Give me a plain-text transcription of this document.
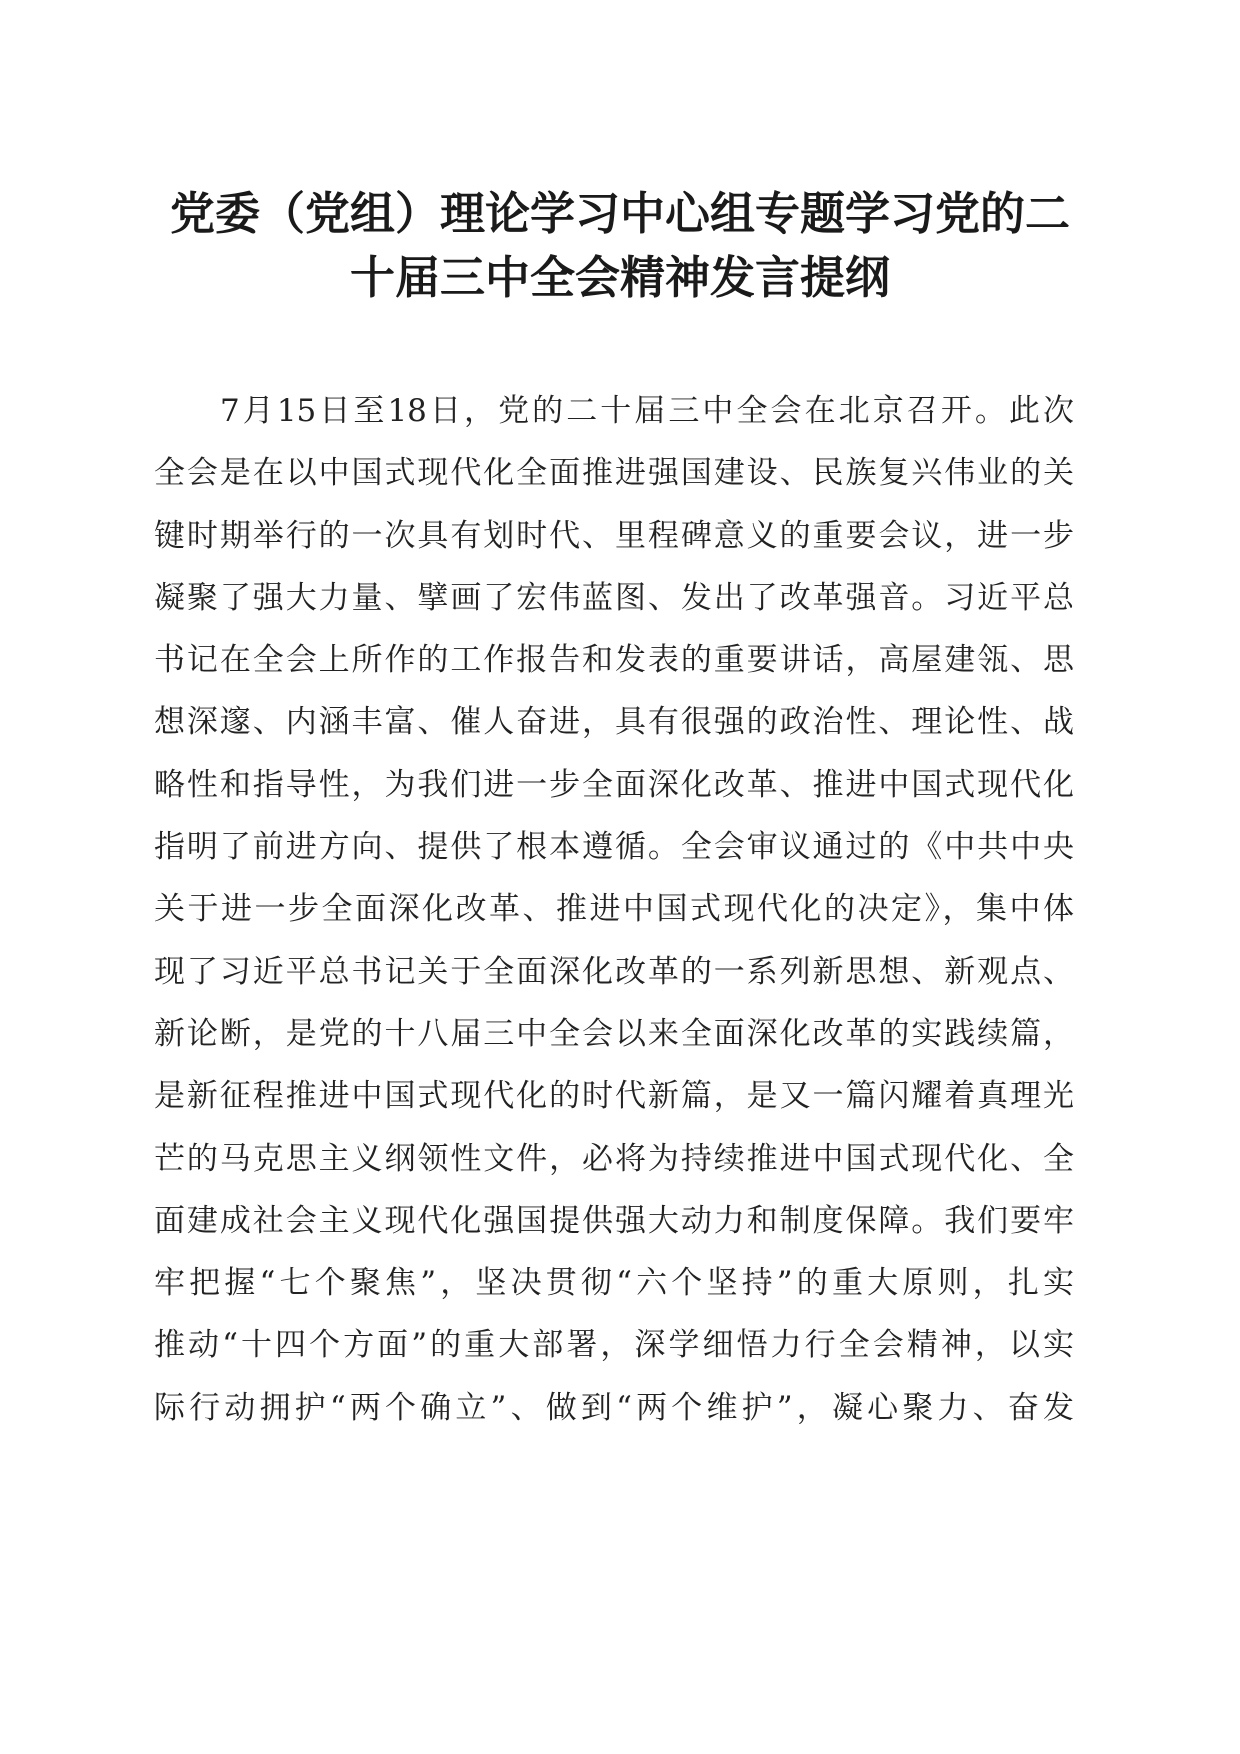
党委（党组）理论学习中心组专题学习党的二
十届三中全会精神发言提纲
7月15日至18日，党的二十届三中全会在北京召开。此次
全会是在以中国式现代化全面推进强国建设、民族复兴伟业的关
键时期举行的一次具有划时代、里程碑意义的重要会议，进一步
凝聚了强大力量、擘画了宏伟蓝图、发出了改革强音。习近平总
书记在全会上所作的工作报告和发表的重要讲话，高屋建瓴、思
想深邃、内涵丰富、催人奋进，具有很强的政治性、理论性、战
略性和指导性，为我们进一步全面深化改革、推进中国式现代化
指明了前进方向、提供了根本遵循。全会审议通过的《中共中央
关于进一步全面深化改革、推进中国式现代化的决定》，集中体
现了习近平总书记关于全面深化改革的一系列新思想、新观点、
新论断，是党的十八届三中全会以来全面深化改革的实践续篇，
是新征程推进中国式现代化的时代新篇，是又一篇闪耀着真理光
芒的马克思主义纲领性文件，必将为持续推进中国式现代化、全
面建成社会主义现代化强国提供强大动力和制度保障。我们要牢
牢把握“七个聚焦”，坚决贯彻“六个坚持”的重大原则，扎实
推动“十四个方面”的重大部署，深学细悟力行全会精神，以实
际行动拥护“两个确立”、做到“两个维护”，凝心聚力、奋发
